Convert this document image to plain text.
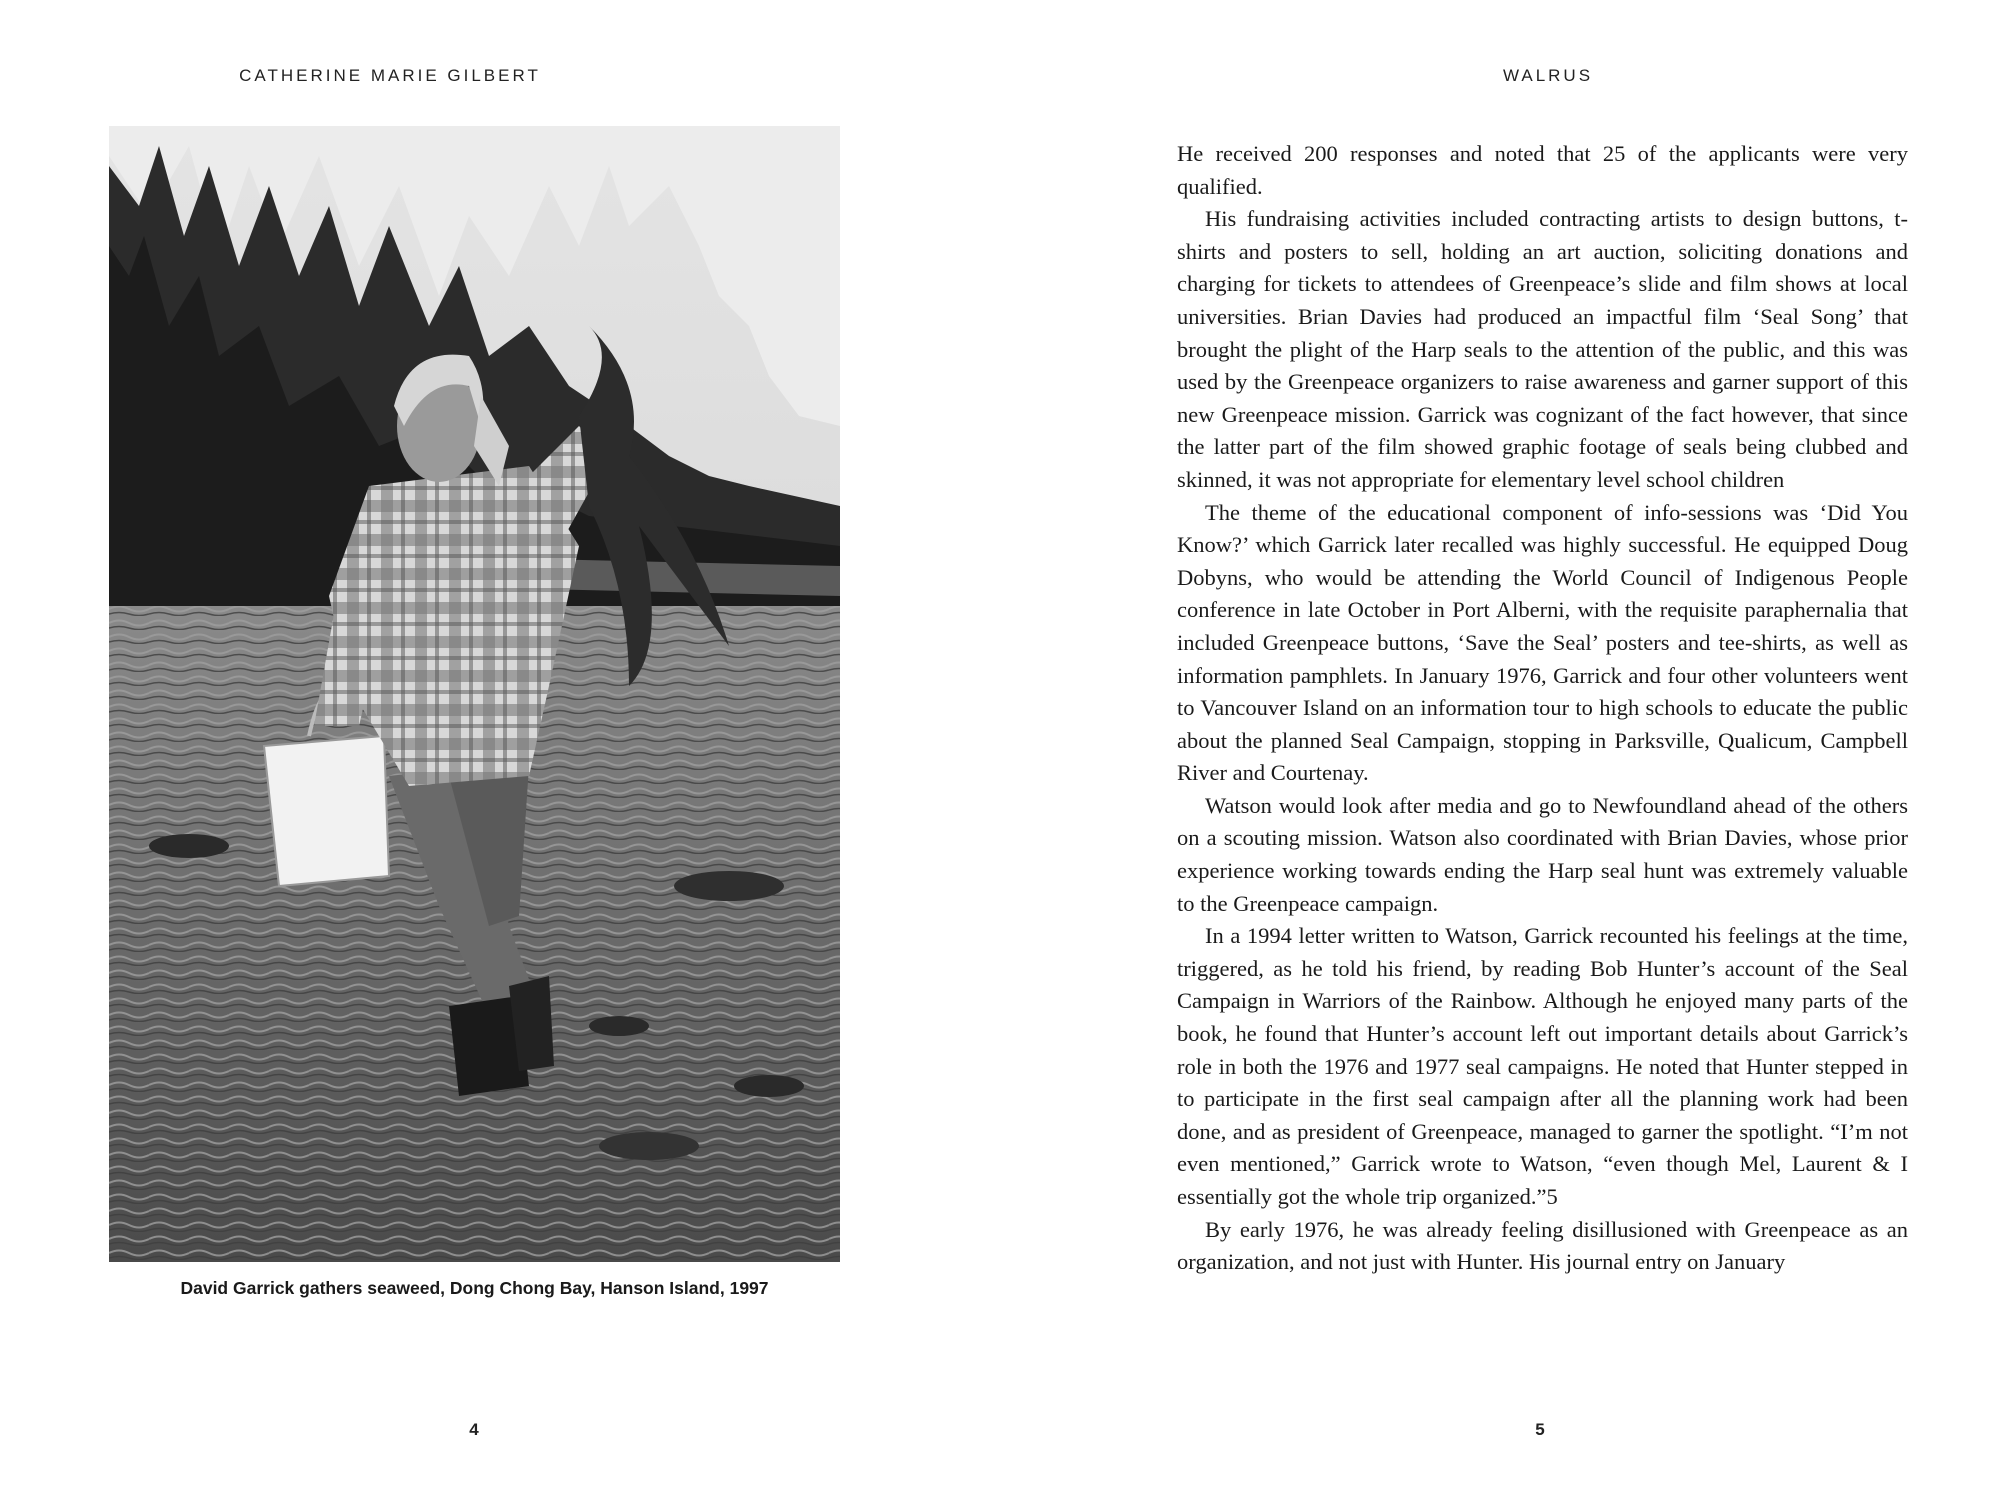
CATHERINE MARIE GILBERT
David Garrick gathers seaweed, Dong Chong Bay, Hanson Island, 1997
4
WALRUS

He received 200 responses and noted that 25 of the applicants were very qualified.

His fundraising activities included contracting artists to design buttons, t-shirts and posters to sell, holding an art auction, soliciting donations and charging for tickets to attendees of Greenpeace’s slide and film shows at local universities. Brian Davies had produced an impactful film ‘Seal Song’ that brought the plight of the Harp seals to the attention of the public, and this was used by the Greenpeace organizers to raise awareness and garner support of this new Greenpeace mission. Garrick was cognizant of the fact however, that since the latter part of the film showed graphic footage of seals being clubbed and skinned, it was not appropriate for elementary level school children

The theme of the educational component of info-sessions was ‘Did You Know?’ which Garrick later recalled was highly successful. He equipped Doug Dobyns, who would be attending the World Council of Indigenous People conference in late October in Port Alberni, with the requisite paraphernalia that included Greenpeace buttons, ‘Save the Seal’ posters and tee-shirts, as well as information pamphlets. In January 1976, Garrick and four other volunteers went to Vancouver Island on an information tour to high schools to educate the public about the planned Seal Campaign, stopping in Parksville, Qualicum, Campbell River and Courtenay.

Watson would look after media and go to Newfoundland ahead of the others on a scouting mission. Watson also coordinated with Brian Davies, whose prior experience working towards ending the Harp seal hunt was extremely valuable to the Greenpeace campaign.

In a 1994 letter written to Watson, Garrick recounted his feelings at the time, triggered, as he told his friend, by reading Bob Hunter’s account of the Seal Campaign in Warriors of the Rainbow. Although he enjoyed many parts of the book, he found that Hunter’s account left out important details about Garrick’s role in both the 1976 and 1977 seal campaigns. He noted that Hunter stepped in to participate in the first seal campaign after all the planning work had been done, and as president of Greenpeace, managed to garner the spotlight. “I’m not even mentioned,” Garrick wrote to Watson, “even though Mel, Laurent & I essentially got the whole trip organized.”5

By early 1976, he was already feeling disillusioned with Greenpeace as an organization, and not just with Hunter. His journal entry on January

5
